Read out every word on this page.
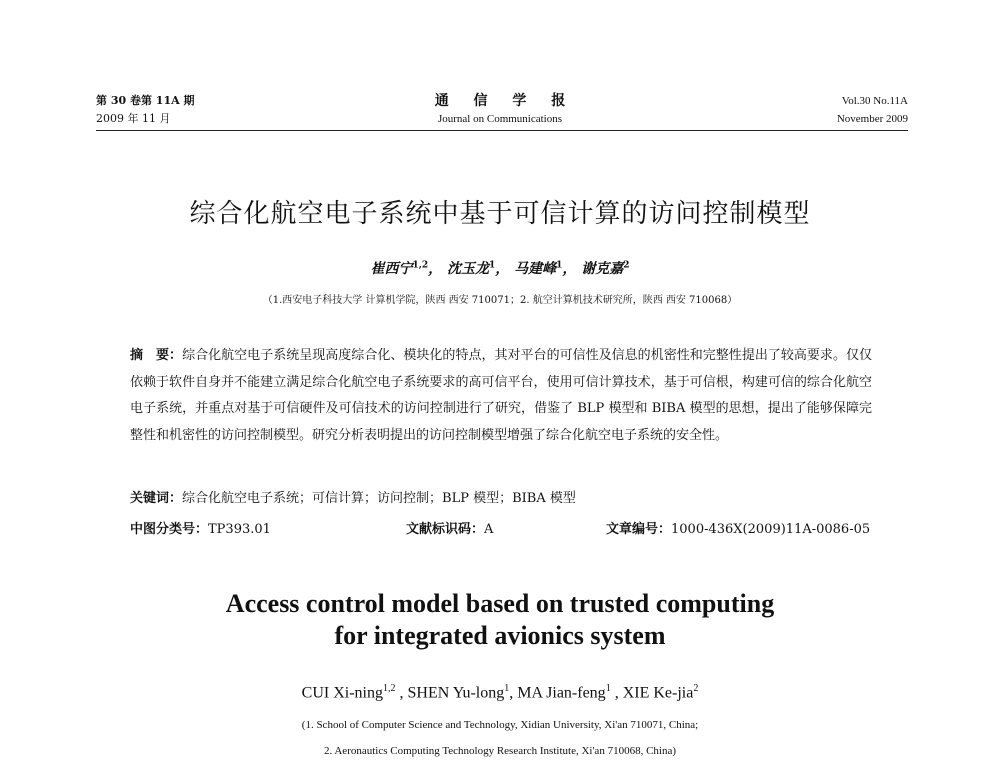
第 30 卷第 11A 期
2009 年 11 月
通 信 学 报
Journal on Communications
Vol.30 No.11A
November 2009
综合化航空电子系统中基于可信计算的访问控制模型
崔西宁$^{1,2}$， 沈玉龙$^1$， 马建峰$^1$， 谢克嘉$^2$
（1.西安电子科技大学 计算机学院，陕西 西安 710071；2. 航空计算机技术研究所，陕西 西安 710068）
摘　要：综合化航空电子系统呈现高度综合化、模块化的特点，其对平台的可信性及信息的机密性和完整性提出了较高要求。仅仅依赖于软件自身并不能建立满足综合化航空电子系统要求的高可信平台，使用可信计算技术，基于可信根，构建可信的综合化航空电子系统，并重点对基于可信硬件及可信技术的访问控制进行了研究，借鉴了 BLP 模型和 BIBA 模型的思想，提出了能够保障完整性和机密性的访问控制模型。研究分析表明提出的访问控制模型增强了综合化航空电子系统的安全性。
关键词：综合化航空电子系统；可信计算；访问控制；BLP 模型；BIBA 模型
中图分类号：TP393.01	文献标识码：A	文章编号：1000-436X(2009)11A-0086-05
Access control model based on trusted computing
for integrated avionics system
CUI Xi-ning$^{1,2}$ , SHEN Yu-long$^1$, MA Jian-feng$^1$ , XIE Ke-jia$^2$
(1. School of Computer Science and Technology, Xidian University, Xi'an 710071, China;
2. Aeronautics Computing Technology Research Institute, Xi'an 710068, China)
